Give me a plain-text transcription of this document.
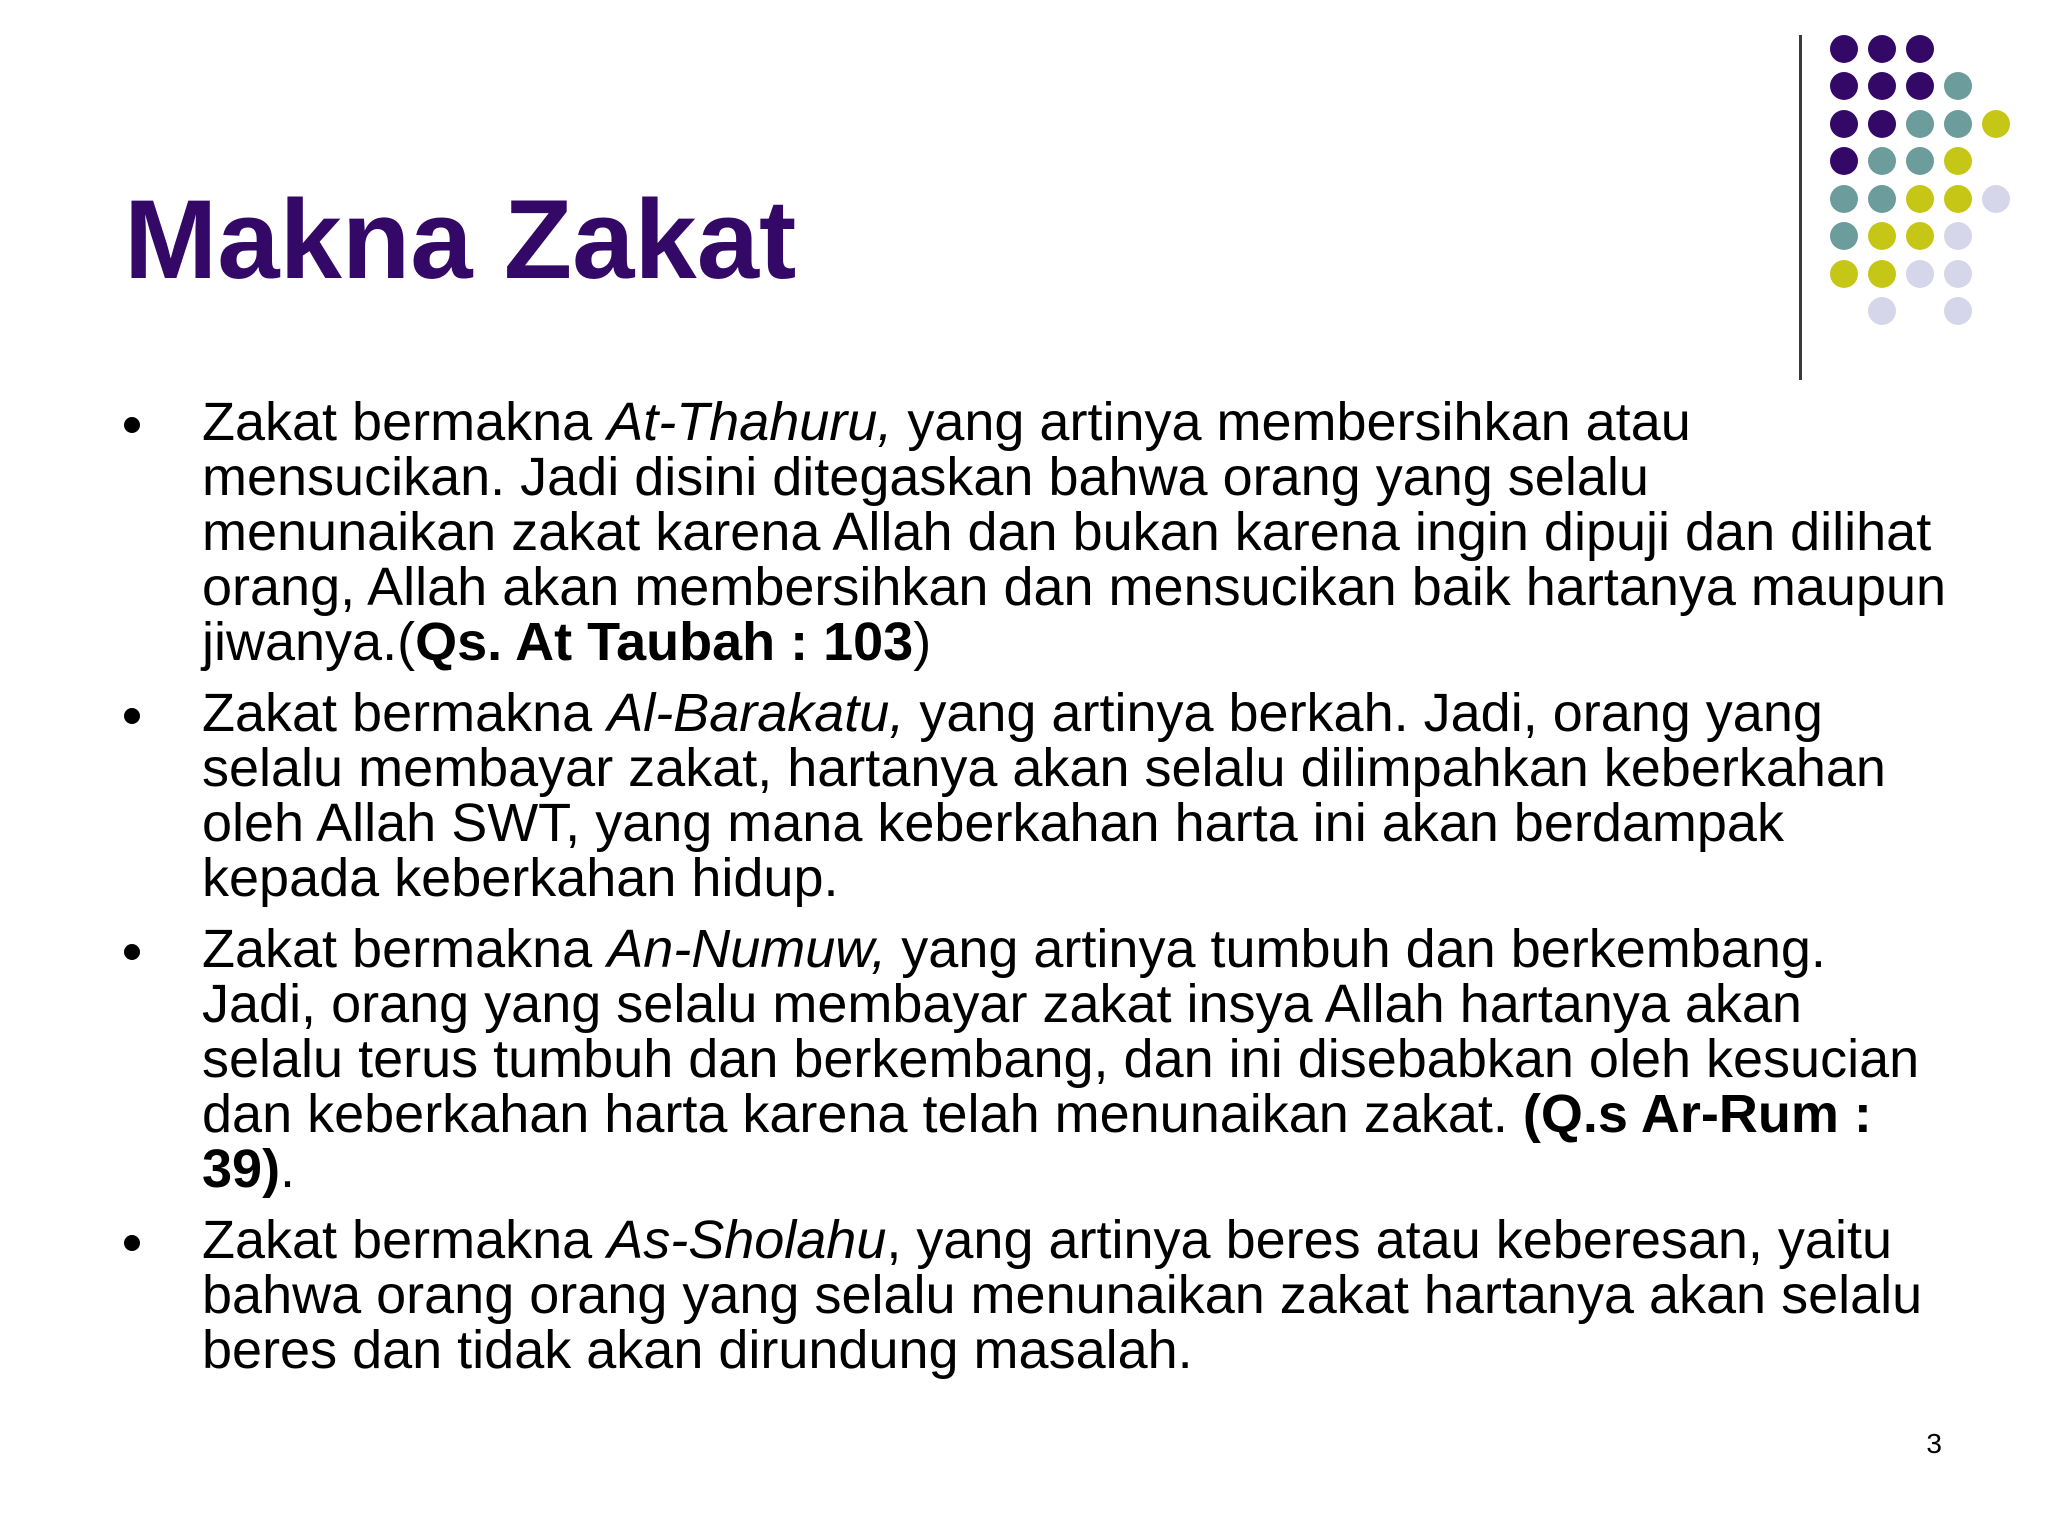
Makna Zakat
Zakat bermakna At-Thahuru, yang artinya membersihkan atau mensucikan. Jadi disini ditegaskan bahwa orang yang selalu menunaikan zakat karena Allah dan bukan karena ingin dipuji dan dilihat orang, Allah akan membersihkan dan mensucikan baik hartanya maupun jiwanya.(Qs. At Taubah : 103)
Zakat bermakna Al-Barakatu, yang artinya berkah. Jadi, orang yang selalu membayar zakat, hartanya akan selalu dilimpahkan keberkahan oleh Allah SWT, yang mana keberkahan harta ini akan berdampak kepada keberkahan hidup.
Zakat bermakna An-Numuw, yang artinya tumbuh dan berkembang. Jadi, orang yang selalu membayar zakat insya Allah hartanya akan selalu terus tumbuh dan berkembang, dan ini disebabkan oleh kesucian dan keberkahan harta karena telah menunaikan zakat. (Q.s Ar-Rum : 39).
Zakat bermakna As-Sholahu, yang artinya beres atau keberesan, yaitu bahwa orang orang yang selalu menunaikan zakat hartanya akan selalu beres dan tidak akan dirundung masalah.
3
